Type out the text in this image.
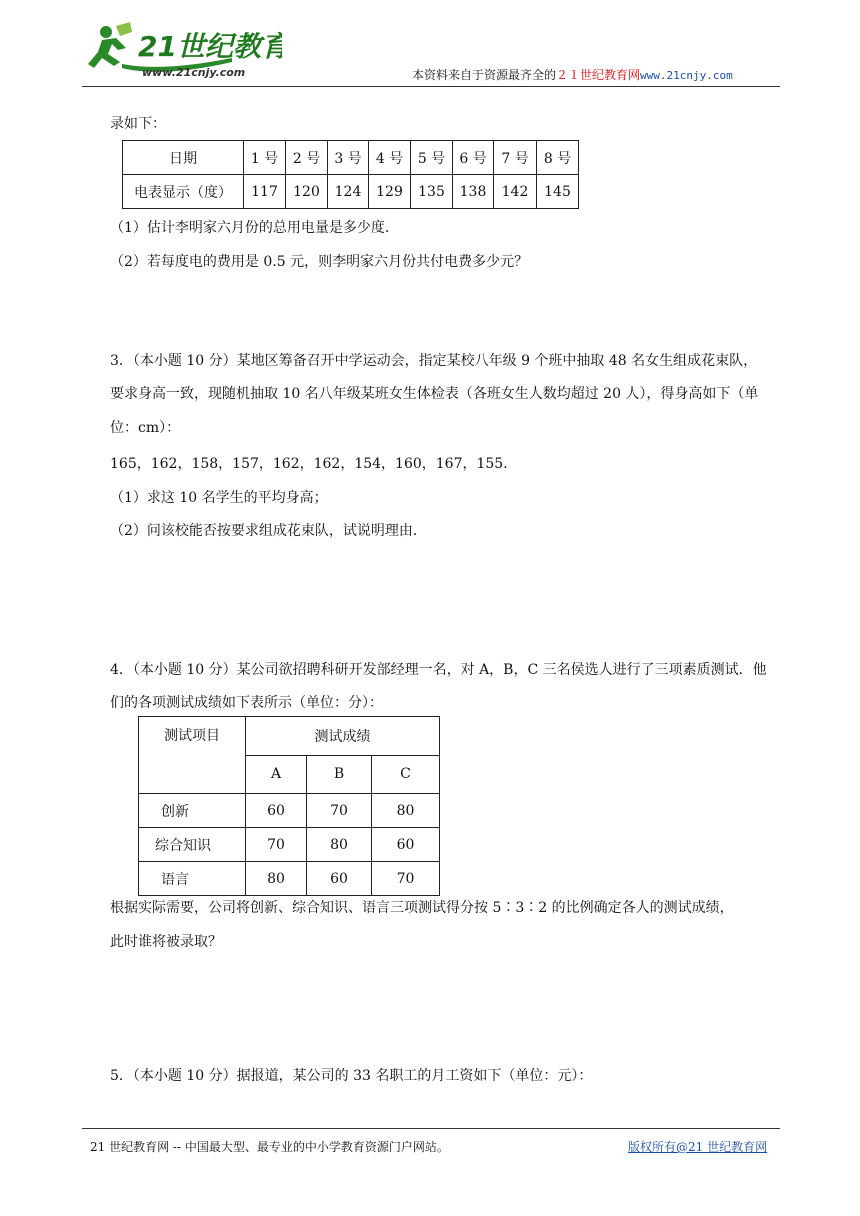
21世纪教育
www.21cnjy.com	本资料来自于资源最齐全的２１世纪教育网www.21cnjy.com
录如下：
日期	1 号	2 号	3 号	4 号	5 号	6 号	7 号	8 号
电表显示（度）	117	120	124	129	135	138	142	145
（1）估计李明家六月份的总用电量是多少度．
（2）若每度电的费用是 0.5 元，则李明家六月份共付电费多少元？
3．（本小题 10 分）某地区筹备召开中学运动会，指定某校八年级 9 个班中抽取 48 名女生组成花束队，
要求身高一致，现随机抽取 10 名八年级某班女生体检表（各班女生人数均超过 20 人），得身高如下（单
位：cm）：
165，162，158，157，162，162，154，160，167，155．
（1）求这 10 名学生的平均身高；
（2）问该校能否按要求组成花束队，试说明理由．
4．（本小题 10 分）某公司欲招聘科研开发部经理一名，对 A，B，C 三名侯选人进行了三项素质测试．他
们的各项测试成绩如下表所示（单位：分）：
测试项目	测试成绩		
	A	B	C
创新	60	70	80
综合知识	70	80	60
语言	80	60	70
根据实际需要，公司将创新、综合知识、语言三项测试得分按 5∶3∶2 的比例确定各人的测试成绩，
此时谁将被录取？
5．（本小题 10 分）据报道，某公司的 33 名职工的月工资如下（单位：元）：
21 世纪教育网 -- 中国最大型、最专业的中小学教育资源门户网站。	版权所有@21 世纪教育网
